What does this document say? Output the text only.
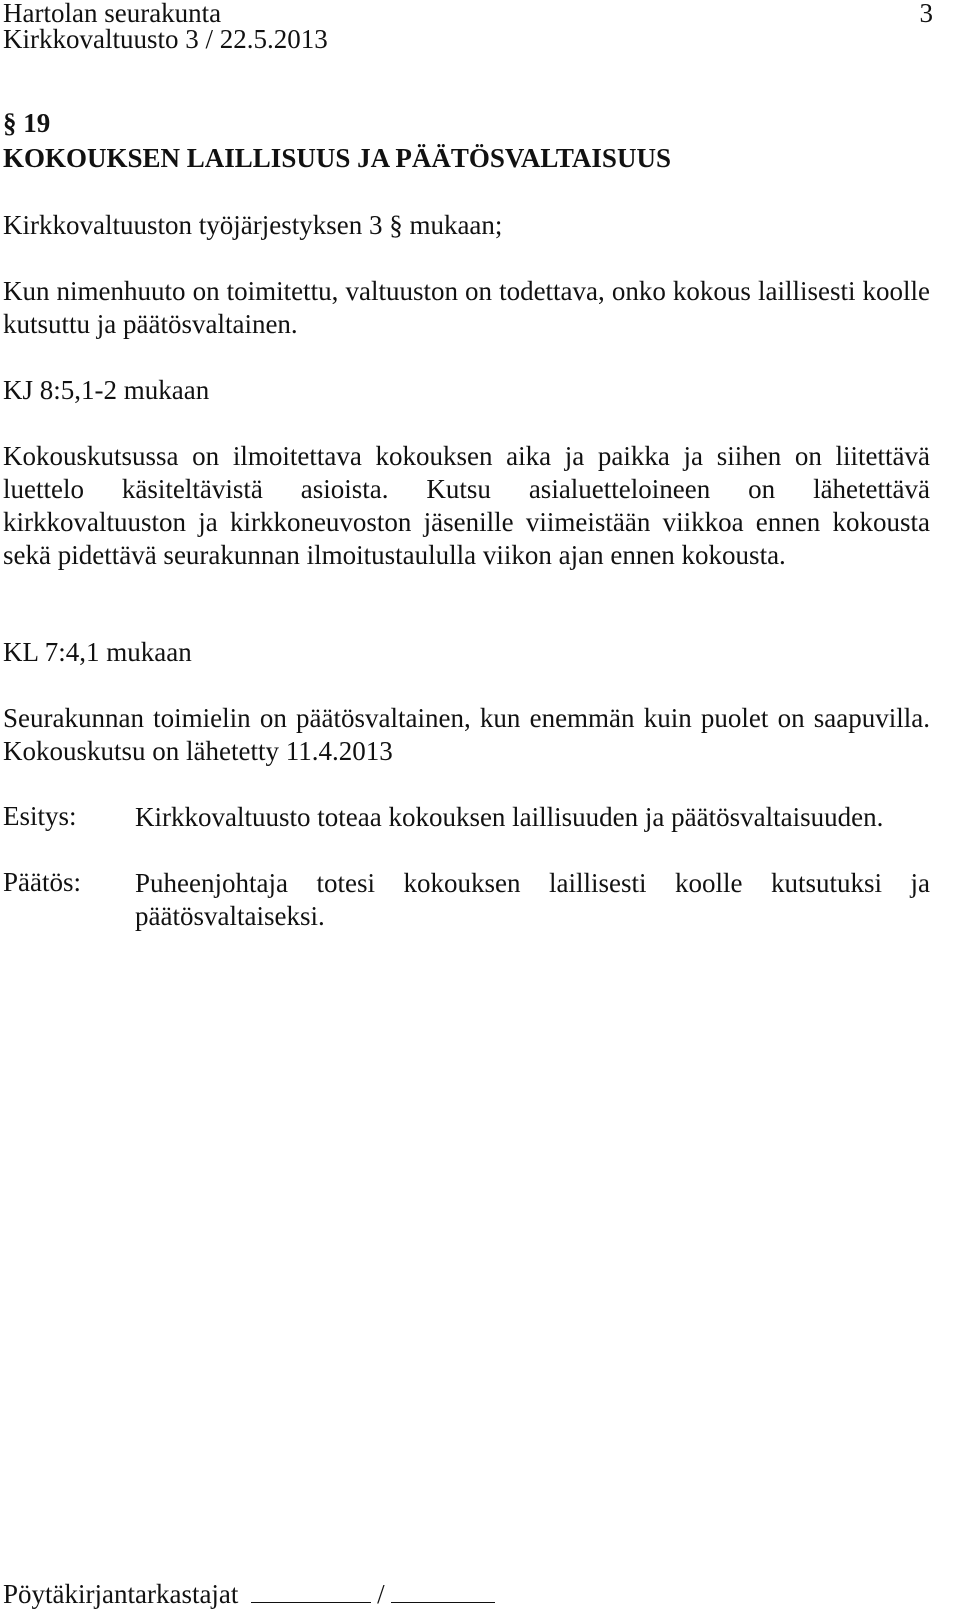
Hartolan seurakunta	3
Kirkkovaltuusto 3 / 22.5.2013
§ 19
KOKOUKSEN LAILLISUUS JA PÄÄTÖSVALTAISUUS
Kirkkovaltuuston työjärjestyksen 3 § mukaan;
Kun nimenhuuto on toimitettu, valtuuston on todettava, onko kokous laillisesti koolle kutsuttu ja päätösvaltainen.
KJ 8:5,1-2 mukaan
Kokouskutsussa on ilmoitettava kokouksen aika ja paikka ja siihen on liitettävä luettelo käsiteltävistä asioista. Kutsu asialuetteloineen on lähetettävä kirkkovaltuuston ja kirkkoneuvoston jäsenille viimeistään viikkoa ennen kokousta sekä pidettävä seurakunnan ilmoitustaululla viikon ajan ennen kokousta.
KL 7:4,1 mukaan
Seurakunnan toimielin on päätösvaltainen, kun enemmän kuin puolet on saapuvilla. Kokouskutsu on lähetetty 11.4.2013
Esitys: Kirkkovaltuusto toteaa kokouksen laillisuuden ja päätösvaltaisuuden.
Päätös: Puheenjohtaja totesi kokouksen laillisesti koolle kutsutuksi ja päätösvaltaiseksi.
Pöytäkirjantarkastajat	/
